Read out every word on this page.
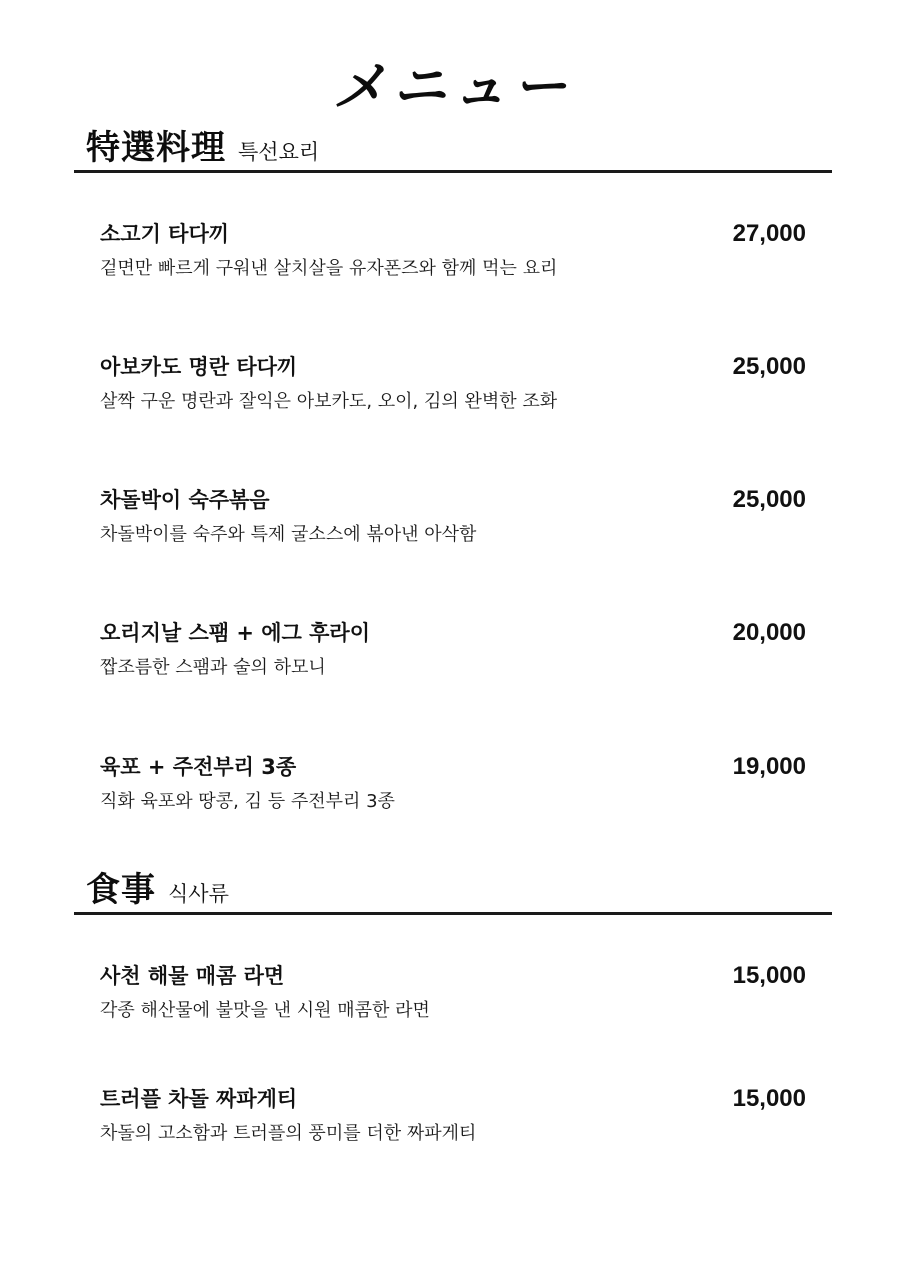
メニュー
特選料理 특선요리
소고기 타다끼	27,000
겉면만 빠르게 구워낸 살치살을 유자폰즈와 함께 먹는 요리
아보카도 명란 타다끼	25,000
살짝 구운 명란과 잘익은 아보카도, 오이, 김의 완벽한 조화
차돌박이 숙주볶음	25,000
차돌박이를 숙주와 특제 굴소스에 볶아낸 아삭함
오리지날 스팸 + 에그 후라이	20,000
짭조름한 스팸과 술의 하모니
육포 + 주전부리 3종	19,000
직화 육포와 땅콩, 김 등 주전부리 3종
食事 식사류
사천 해물 매콤 라면	15,000
각종 해산물에 불맛을 낸 시원 매콤한 라면
트러플 차돌 짜파게티	15,000
차돌의 고소함과 트러플의 풍미를 더한 짜파게티
